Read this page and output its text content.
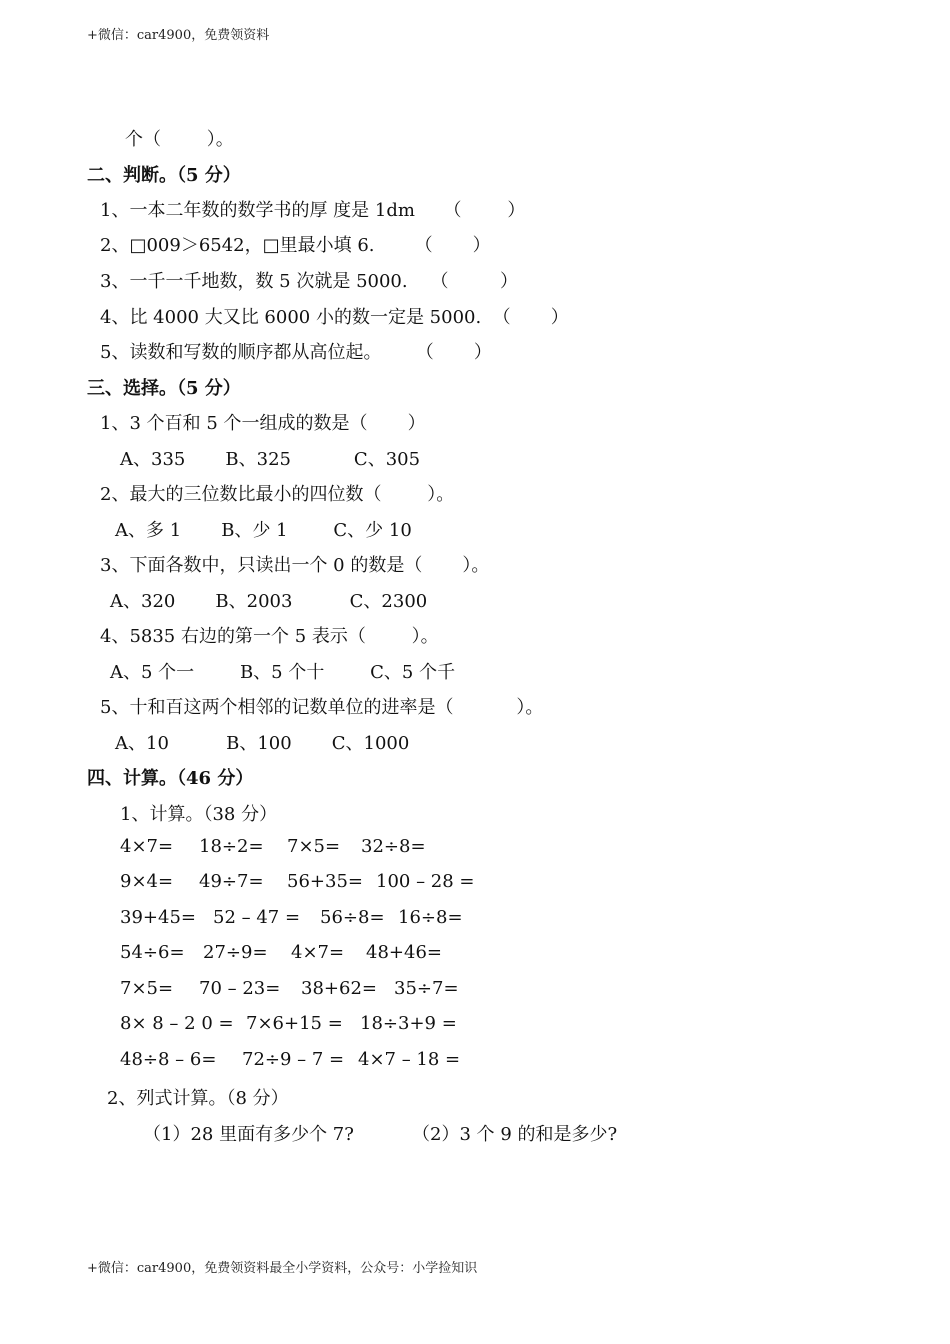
+微信：car4900，免费领资料
个（        ）。
二、判断。（5 分）
1、一本二年数的数学书的厚 度是 1dm     （        ）
2、□009＞6542，□里最小填 6.       （       ）
3、一千一千地数，数 5 次就是 5000.    （         ）
4、比 4000 大又比 6000 小的数一定是 5000.  （       ）
5、读数和写数的顺序都从高位起。      （       ）
三、选择。（5 分）
1、3 个百和 5 个一组成的数是（       ）
A、335       B、325           C、305
2、最大的三位数比最小的四位数（        ）。
A、多 1       B、少 1        C、少 10
3、下面各数中，只读出一个 0 的数是（       ）。
A、320       B、2003          C、2300
4、5835 右边的第一个 5 表示（        ）。
A、5 个一        B、5 个十        C、5 个千
5、十和百这两个相邻的记数单位的进率是（           ）。
A、10          B、100       C、1000
四、计算。（46 分）
1、计算。（38 分）
4×7= 18÷2= 7×5= 32÷8=
9×4= 49÷7= 56+35= 100 – 28 =
39+45= 52 – 47 = 56÷8= 16÷8=
54÷6= 27÷9= 4×7= 48+46=
7×5= 70 – 23= 38+62= 35÷7=
8× 8 – 2 0 = 7×6+15 = 18÷3+9 =
48÷8 – 6= 72÷9 – 7 = 4×7 – 18 =
2、列式计算。（8 分）
（1）28 里面有多少个 7?	（2）3 个 9 的和是多少?
+微信：car4900，免费领资料最全小学资料，公众号：小学捡知识
